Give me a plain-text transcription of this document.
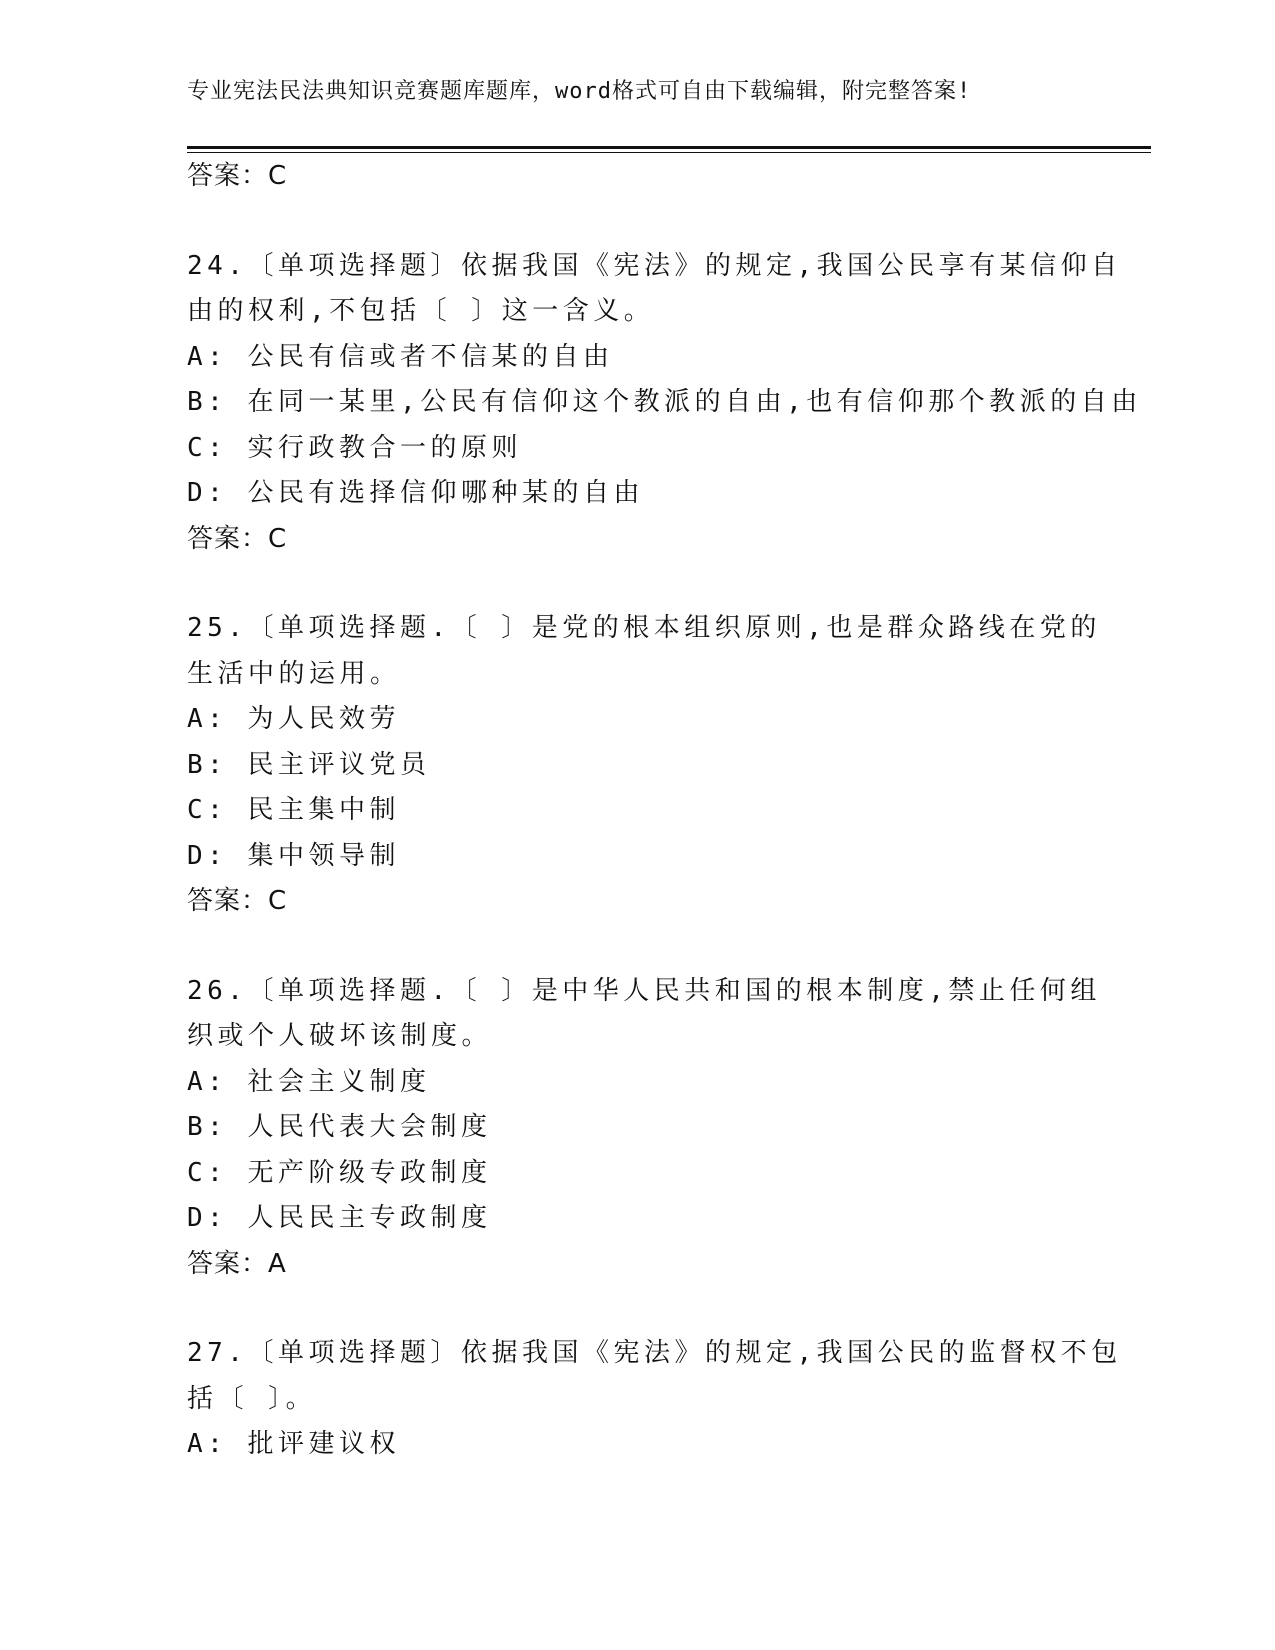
专业宪法民法典知识竞赛题库题库，word格式可自由下载编辑，附完整答案!
答案：C
24.〔单项选择题〕依据我国《宪法》的规定,我国公民享有某信仰自
由的权利,不包括〔 〕这一含义。
A: 公民有信或者不信某的自由
B: 在同一某里,公民有信仰这个教派的自由,也有信仰那个教派的自由
C: 实行政教合一的原则
D: 公民有选择信仰哪种某的自由
答案：C
25.〔单项选择题.〔 〕是党的根本组织原则,也是群众路线在党的
生活中的运用。
A: 为人民效劳
B: 民主评议党员
C: 民主集中制
D: 集中领导制
答案：C
26.〔单项选择题.〔 〕是中华人民共和国的根本制度,禁止任何组
织或个人破坏该制度。
A: 社会主义制度
B: 人民代表大会制度
C: 无产阶级专政制度
D: 人民民主专政制度
答案：A
27.〔单项选择题〕依据我国《宪法》的规定,我国公民的监督权不包
括〔 〕。
A: 批评建议权
